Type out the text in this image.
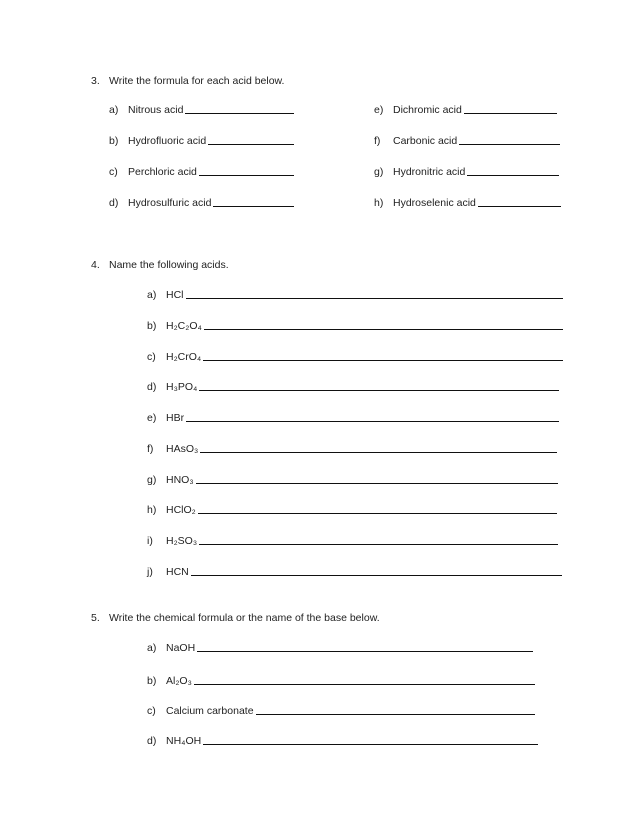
3. Write the formula for each acid below.
4. Name the following acids.
5. Write the chemical formula or the name of the base below.
a) Nitrous acid
b) Hydrofluoric acid
c) Perchloric acid
d) Hydrosulfuric acid
e) Dichromic acid
f)	Carbonic acid
g) Hydronitric acid
h) Hydroselenic acid
a) HCl
b) H₂C₂O₄
c) H₂CrO₄
d) H₃PO₄
e) HBr
f)	HAsO₃
g) HNO₃
h) HClO₂
i)	H₂SO₃
j)	HCN
a) NaOH
b) Al₂O₃
c) Calcium carbonate
d) NH₄OH
